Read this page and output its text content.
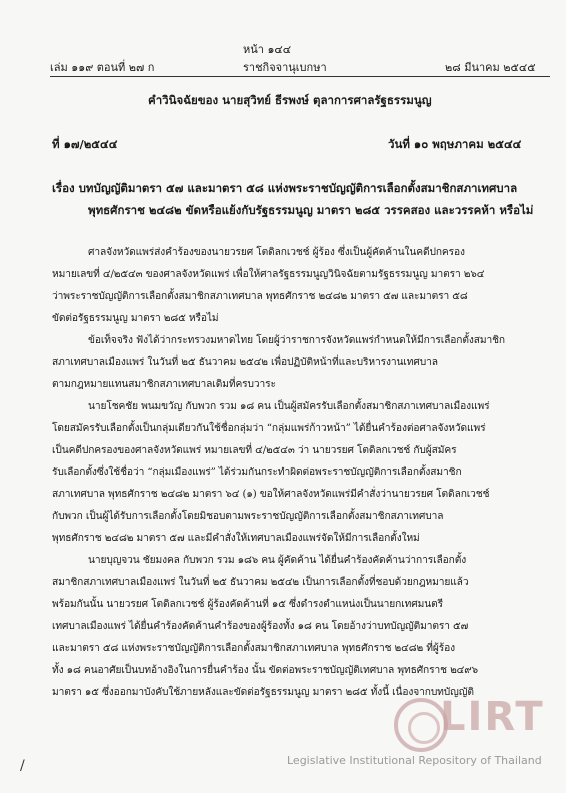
หน้า ๑๔๔
เล่ม ๑๑๙ ตอนที่ ๒๗ ก	ราชกิจจานุเบกษา	๒๘ มีนาคม ๒๕๔๕
คำวินิจฉัยของ นายสุวิทย์ ธีรพงษ์ ตุลาการศาลรัฐธรรมนูญ
ที่ ๑๗/๒๕๔๔	วันที่ ๑๐ พฤษภาคม ๒๕๔๔
เรื่อง บทบัญญัติมาตรา ๕๗ และมาตรา ๕๘ แห่งพระราชบัญญัติการเลือกตั้งสมาชิกสภาเทศบาล
พุทธศักราช ๒๔๘๒ ขัดหรือแย้งกับรัฐธรรมนูญ มาตรา ๒๘๕ วรรคสอง และวรรคห้า หรือไม่
ศาลจังหวัดแพร่ส่งคำร้องของนายวรยศ โตดิลกเวชช์ ผู้ร้อง ซึ่งเป็นผู้คัดค้านในคดีปกครอง
หมายเลขที่ ๔/๒๕๔๓ ของศาลจังหวัดแพร่ เพื่อให้ศาลรัฐธรรมนูญวินิจฉัยตามรัฐธรรมนูญ มาตรา ๒๖๔
ว่าพระราชบัญญัติการเลือกตั้งสมาชิกสภาเทศบาล พุทธศักราช ๒๔๘๒ มาตรา ๕๗ และมาตรา ๕๘
ขัดต่อรัฐธรรมนูญ มาตรา ๒๘๕ หรือไม่
ข้อเท็จจริง ฟังได้ว่ากระทรวงมหาดไทย โดยผู้ว่าราชการจังหวัดแพร่กำหนดให้มีการเลือกตั้งสมาชิก
สภาเทศบาลเมืองแพร่ ในวันที่ ๒๕ ธันวาคม ๒๕๔๒ เพื่อปฏิบัติหน้าที่และบริหารงานเทศบาล
ตามกฎหมายแทนสมาชิกสภาเทศบาลเดิมที่ครบวาระ
นายโชคชัย พนมขวัญ กับพวก รวม ๑๘ คน เป็นผู้สมัครรับเลือกตั้งสมาชิกสภาเทศบาลเมืองแพร่
โดยสมัครรับเลือกตั้งเป็นกลุ่มเดียวกันใช้ชื่อกลุ่มว่า “กลุ่มแพร่ก้าวหน้า” ได้ยื่นคำร้องต่อศาลจังหวัดแพร่
เป็นคดีปกครองของศาลจังหวัดแพร่ หมายเลขที่ ๔/๒๕๔๓ ว่า นายวรยศ โตดิลกเวชช์ กับผู้สมัคร
รับเลือกตั้งซึ่งใช้ชื่อว่า “กลุ่มเมืองแพร่” ได้ร่วมกันกระทำผิดต่อพระราชบัญญัติการเลือกตั้งสมาชิก
สภาเทศบาล พุทธศักราช ๒๔๘๒ มาตรา ๖๔ (๑) ขอให้ศาลจังหวัดแพร่มีคำสั่งว่านายวรยศ โตดิลกเวชช์
กับพวก เป็นผู้ได้รับการเลือกตั้งโดยมิชอบตามพระราชบัญญัติการเลือกตั้งสมาชิกสภาเทศบาล
พุทธศักราช ๒๔๘๒ มาตรา ๕๗ และมีคำสั่งให้เทศบาลเมืองแพร่จัดให้มีการเลือกตั้งใหม่
นายบุญจวน ชัยมงคล กับพวก รวม ๑๘๖ คน ผู้คัดค้าน ได้ยื่นคำร้องคัดค้านว่าการเลือกตั้ง
สมาชิกสภาเทศบาลเมืองแพร่ ในวันที่ ๒๕ ธันวาคม ๒๕๔๒ เป็นการเลือกตั้งที่ชอบด้วยกฎหมายแล้ว
พร้อมกันนั้น นายวรยศ โตดิลกเวชช์ ผู้ร้องคัดค้านที่ ๑๕ ซึ่งดำรงตำแหน่งเป็นนายกเทศมนตรี
เทศบาลเมืองแพร่ ได้ยื่นคำร้องคัดค้านคำร้องของผู้ร้องทั้ง ๑๘ คน โดยอ้างว่าบทบัญญัติมาตรา ๕๗
และมาตรา ๕๘ แห่งพระราชบัญญัติการเลือกตั้งสมาชิกสภาเทศบาล พุทธศักราช ๒๔๘๒ ที่ผู้ร้อง
ทั้ง ๑๘ คนอาศัยเป็นบทอ้างอิงในการยื่นคำร้อง นั้น ขัดต่อพระราชบัญญัติเทศบาล พุทธศักราช ๒๔๙๖
มาตรา ๑๕ ซึ่งออกมาบังคับใช้ภายหลังและขัดต่อรัฐธรรมนูญ มาตรา ๒๘๕ ทั้งนี้ เนื่องจากบทบัญญัติ
/
LIRT
Legislative Institutional Repository of Thailand
